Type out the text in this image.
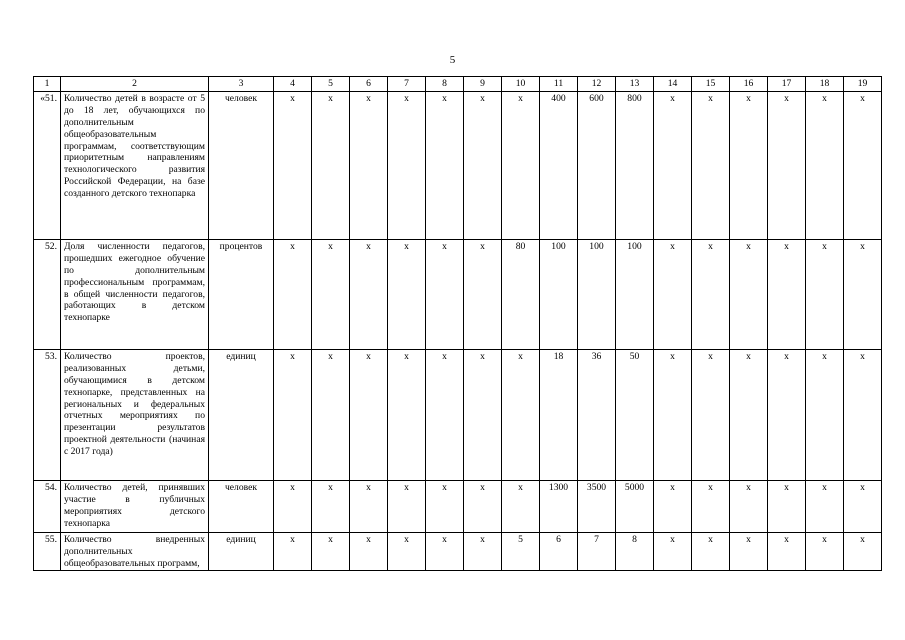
5
1	2	3	4	5	6	7	8	9	10	11	12	13	14	15	16	17	18	19
«51.	Количество детей в возрасте от 5 до 18 лет, обучающихся по дополнительным общеобразовательным программам, соответствующим приоритетным направлениям технологического развития Российской Федерации, на базе созданного детского технопарка	человек	х	х	х	х	х	х	х	400	600	800	х	х	х	х	х	х
52.	Доля численности педагогов, прошедших ежегодное обучение по дополнительным профессиональным программам, в общей численности педагогов, работающих в детском технопарке	процентов	х	х	х	х	х	х	80	100	100	100	х	х	х	х	х	х
53.	Количество проектов, реализованных детьми, обучающимися в детском технопарке, представленных на региональных и федеральных отчетных мероприятиях по презентации результатов проектной деятельности (начиная с 2017 года)	единиц	х	х	х	х	х	х	х	18	36	50	х	х	х	х	х	х
54.	Количество детей, принявших участие в публичных мероприятиях детского технопарка	человек	х	х	х	х	х	х	х	1300	3500	5000	х	х	х	х	х	х
55.	Количество внедренных дополнительных общеобразовательных программ,	единиц	х	х	х	х	х	х	5	6	7	8	х	х	х	х	х	х
